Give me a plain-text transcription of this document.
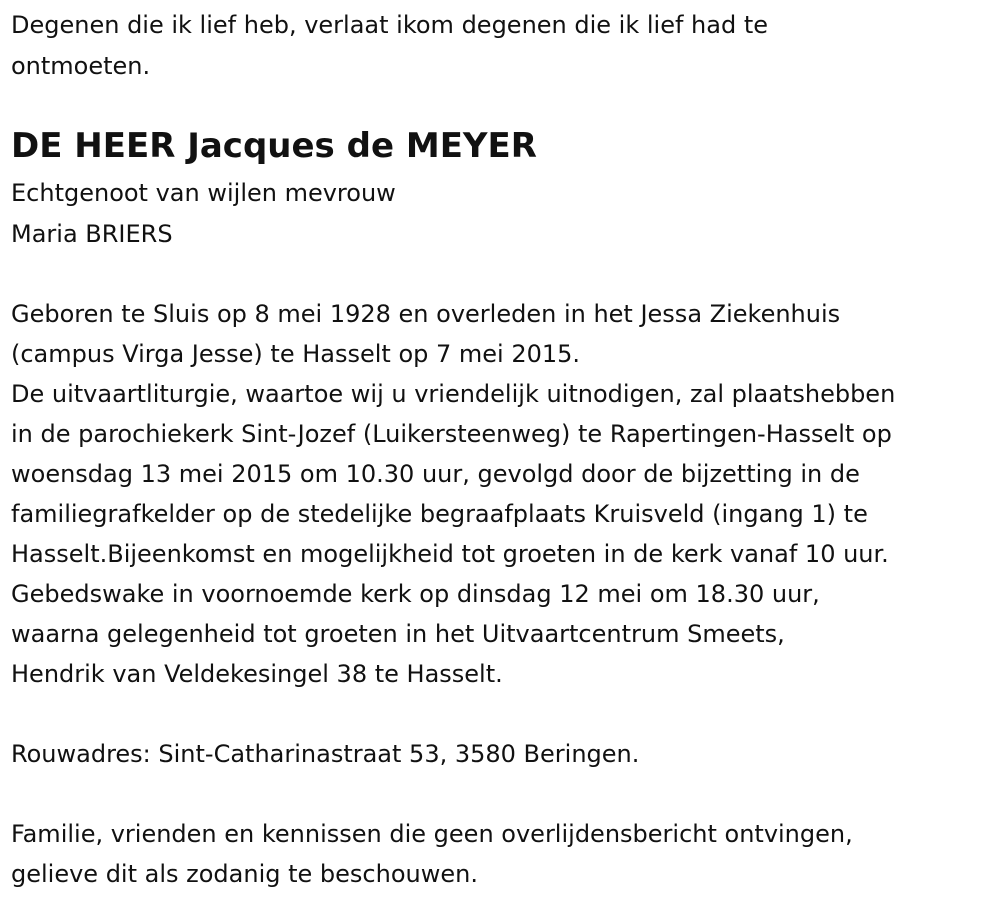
Degenen die ik lief heb, verlaat ikom degenen die ik lief had te

ontmoeten.

DE HEER Jacques de MEYER

Echtgenoot van wijlen mevrouw

Maria BRIERS

Geboren te Sluis op 8 mei 1928 en overleden in het Jessa Ziekenhuis

(campus Virga Jesse) te Hasselt op 7 mei 2015.

De uitvaartliturgie, waartoe wij u vriendelijk uitnodigen, zal plaatshebben

in de parochiekerk Sint-Jozef (Luikersteenweg) te Rapertingen-Hasselt op

woensdag 13 mei 2015 om 10.30 uur, gevolgd door de bijzetting in de

familiegrafkelder op de stedelijke begraafplaats Kruisveld (ingang 1) te

Hasselt.Bijeenkomst en mogelijkheid tot groeten in de kerk vanaf 10 uur.

Gebedswake in voornoemde kerk op dinsdag 12 mei om 18.30 uur,

waarna gelegenheid tot groeten in het Uitvaartcentrum Smeets,

Hendrik van Veldekesingel 38 te Hasselt.

Rouwadres: Sint-Catharinastraat 53, 3580 Beringen.

Familie, vrienden en kennissen die geen overlijdensbericht ontvingen,

gelieve dit als zodanig te beschouwen.
